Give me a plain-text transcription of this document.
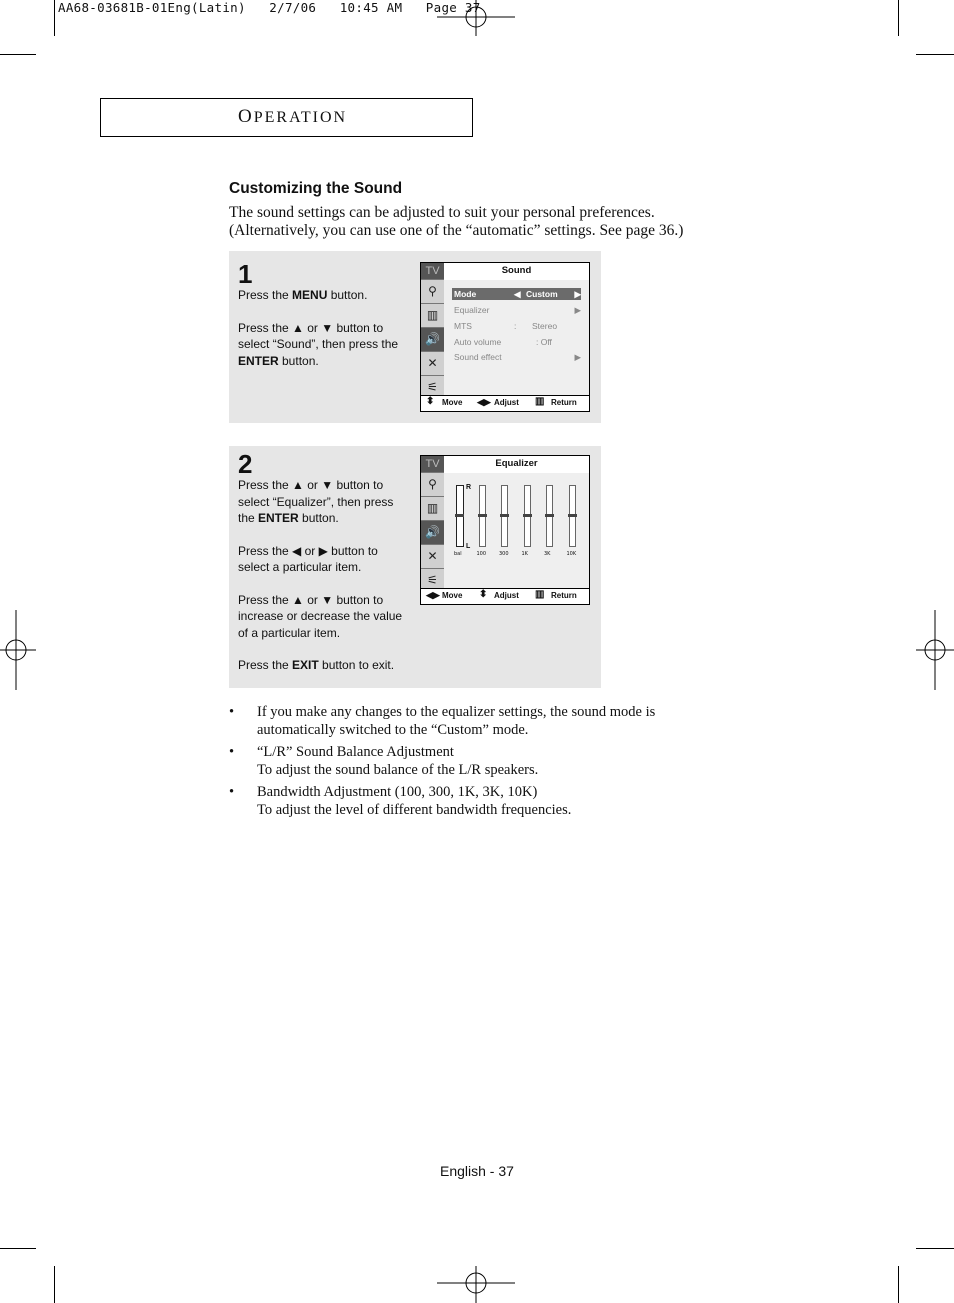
AA68-03681B-01Eng(Latin)   2/7/06   10:45 AM   Page 37
OPERATION
Customizing the Sound
The sound settings can be adjusted to suit your personal preferences.
(Alternatively, you can use one of the “automatic” settings. See page 36.)
1

Press the MENU button.

Press the ▲ or ▼ button to select “Sound”, then press the ENTER button.

TV
⚲
▥
🔊
✕
⚟
Sound
Mode	◀ Custom ▶
Equalizer	▶
MTS	: Stereo
Auto volume	: Off
Sound effect	▶
⬍ Move ◀▶ Adjust ▥ Return
2

Press the ▲ or ▼ button to select “Equalizer”, then press the ENTER button.

Press the ◀ or ▶ button to select a particular item.

Press the ▲ or ▼ button to increase or decrease the value of a particular item.

Press the EXIT button to exit.

TV
⚲
▥
🔊
✕
⚟
Equalizer
R
L
bal	100	300	1K	3K	10K
◀▶ Move ⬍ Adjust ▥ Return
• If you make any changes to the equalizer settings, the sound mode is
automatically switched to the “Custom” mode.
• “L/R” Sound Balance Adjustment
To adjust the sound balance of the L/R speakers.
• Bandwidth Adjustment (100, 300, 1K, 3K, 10K)
To adjust the level of different bandwidth frequencies.
English - 37
